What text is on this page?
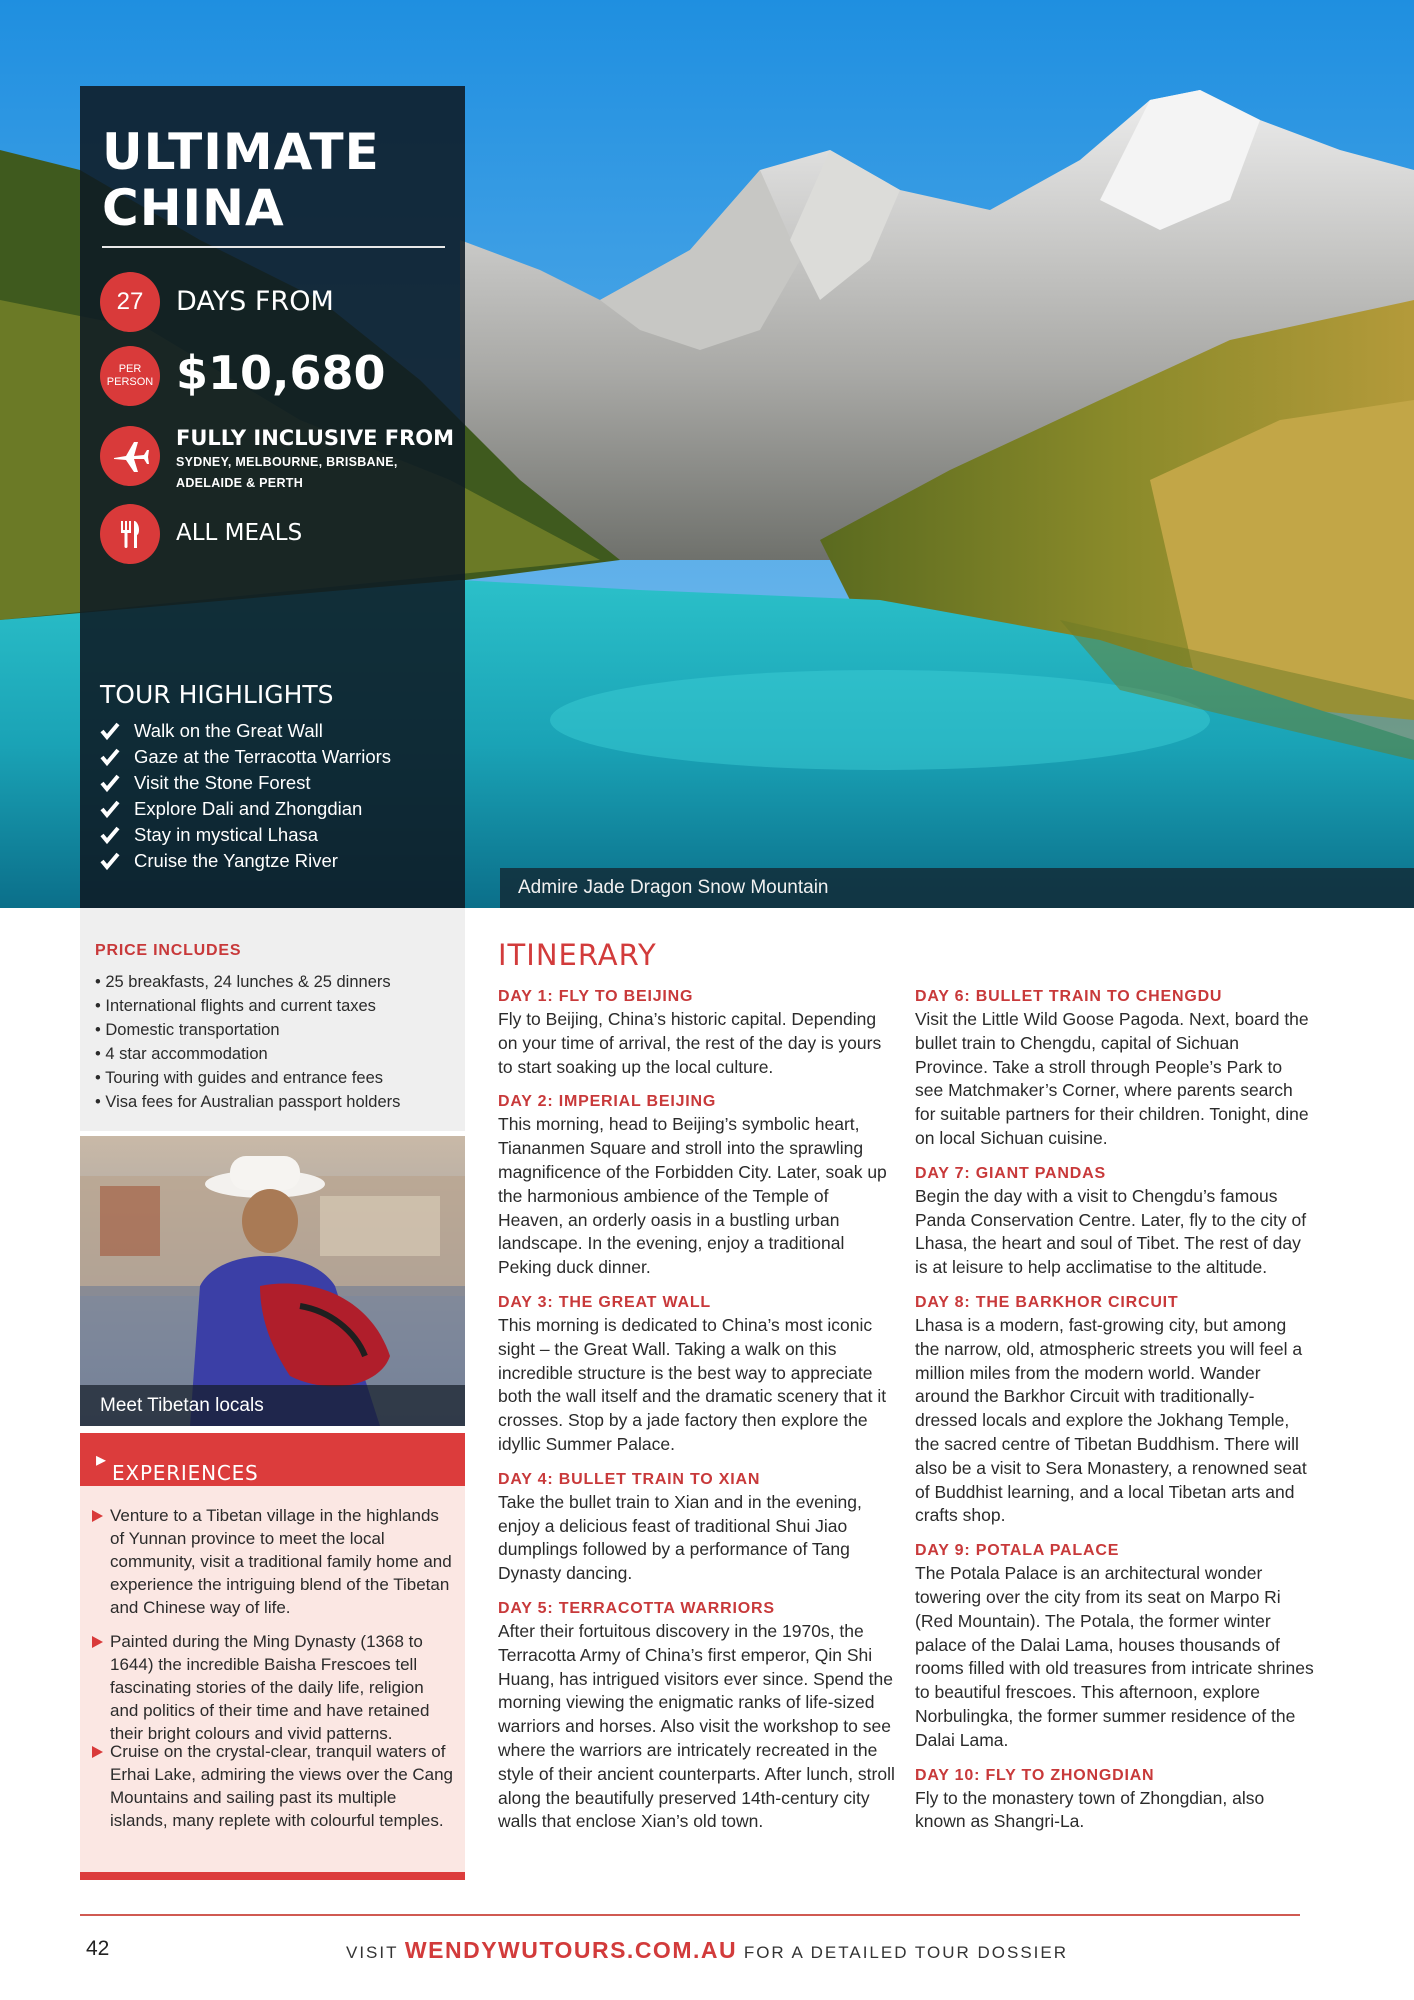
Admire Jade Dragon Snow Mountain
ULTIMATE
CHINA
27 DAYS FROM
PER
PERSON $10,680
FULLY INCLUSIVE FROM
SYDNEY, MELBOURNE, BRISBANE,
ADELAIDE & PERTH
ALL MEALS
TOUR HIGHLIGHTS
Walk on the Great Wall
Gaze at the Terracotta Warriors
Visit the Stone Forest
Explore Dali and Zhongdian
Stay in mystical Lhasa
Cruise the Yangtze River
PRICE INCLUDES
• 25 breakfasts, 24 lunches & 25 dinners
• International flights and current taxes
• Domestic transportation
• 4 star accommodation
• Touring with guides and entrance fees
• Visa fees for Australian passport holders
Meet Tibetan locals
▸
EXPERIENCES
Venture to a Tibetan village in the highlands of Yunnan province to meet the local community, visit a traditional family home and experience the intriguing blend of the Tibetan and Chinese way of life.
Painted during the Ming Dynasty (1368 to 1644) the incredible Baisha Frescoes tell fascinating stories of the daily life, religion and politics of their time and have retained their bright colours and vivid patterns.
Cruise on the crystal-clear, tranquil waters of Erhai Lake, admiring the views over the Cang Mountains and sailing past its multiple islands, many replete with colourful temples.
ITINERARY
DAY 1: FLY TO BEIJING
Fly to Beijing, China’s historic capital. Depending on your time of arrival, the rest of the day is yours to start soaking up the local culture.
DAY 2: IMPERIAL BEIJING
This morning, head to Beijing’s symbolic heart, Tiananmen Square and stroll into the sprawling magnificence of the Forbidden City. Later, soak up the harmonious ambience of the Temple of Heaven, an orderly oasis in a bustling urban landscape. In the evening, enjoy a traditional Peking duck dinner.
DAY 3: THE GREAT WALL
This morning is dedicated to China’s most iconic sight – the Great Wall. Taking a walk on this incredible structure is the best way to appreciate both the wall itself and the dramatic scenery that it crosses. Stop by a jade factory then explore the idyllic Summer Palace.
DAY 4: BULLET TRAIN TO XIAN
Take the bullet train to Xian and in the evening, enjoy a delicious feast of traditional Shui Jiao dumplings followed by a performance of Tang Dynasty dancing.
DAY 5: TERRACOTTA WARRIORS
After their fortuitous discovery in the 1970s, the Terracotta Army of China’s first emperor, Qin Shi Huang, has intrigued visitors ever since. Spend the morning viewing the enigmatic ranks of life-sized warriors and horses. Also visit the workshop to see where the warriors are intricately recreated in the style of their ancient counterparts. After lunch, stroll along the beautifully preserved 14th-century city walls that enclose Xian’s old town.
DAY 6: BULLET TRAIN TO CHENGDU
Visit the Little Wild Goose Pagoda. Next, board the bullet train to Chengdu, capital of Sichuan Province. Take a stroll through People’s Park to see Matchmaker’s Corner, where parents search for suitable partners for their children. Tonight, dine on local Sichuan cuisine.
DAY 7: GIANT PANDAS
Begin the day with a visit to Chengdu’s famous Panda Conservation Centre. Later, fly to the city of Lhasa, the heart and soul of Tibet. The rest of day is at leisure to help acclimatise to the altitude.
DAY 8: THE BARKHOR CIRCUIT
Lhasa is a modern, fast-growing city, but among the narrow, old, atmospheric streets you will feel a million miles from the modern world. Wander around the Barkhor Circuit with traditionally-dressed locals and explore the Jokhang Temple, the sacred centre of Tibetan Buddhism. There will also be a visit to Sera Monastery, a renowned seat of Buddhist learning, and a local Tibetan arts and crafts shop.
DAY 9: POTALA PALACE
The Potala Palace is an architectural wonder towering over the city from its seat on Marpo Ri (Red Mountain). The Potala, the former winter palace of the Dalai Lama, houses thousands of rooms filled with old treasures from intricate shrines to beautiful frescoes. This afternoon, explore Norbulingka, the former summer residence of the Dalai Lama.
DAY 10: FLY TO ZHONGDIAN
Fly to the monastery town of Zhongdian, also known as Shangri-La.
42	VISIT WENDYWUTOURS.COM.AU FOR A DETAILED TOUR DOSSIER
